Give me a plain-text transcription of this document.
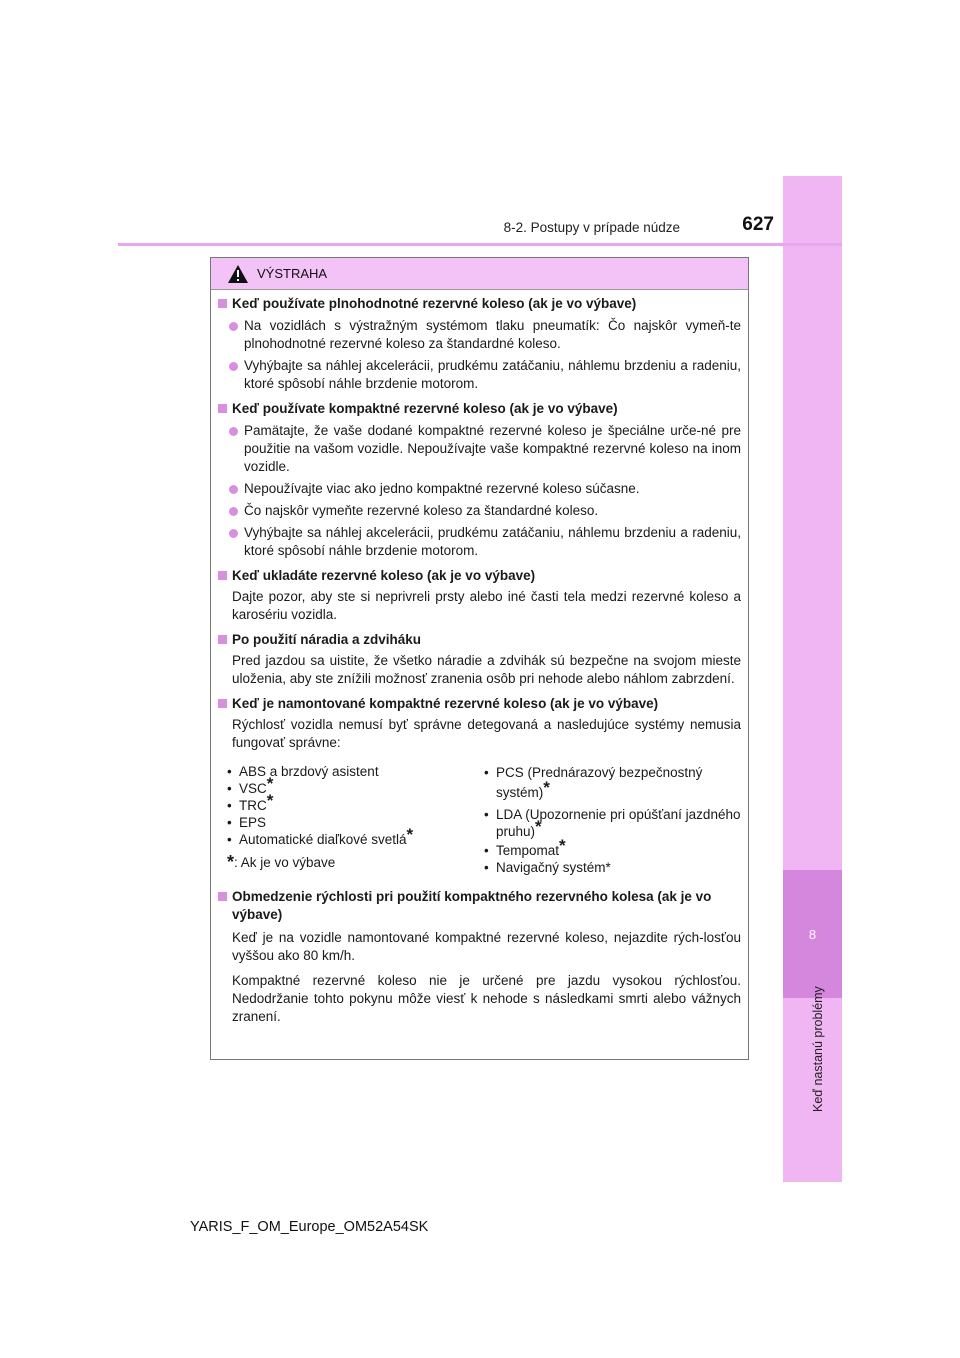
8
Keď nastanú problémy
8-2. Postupy v prípade núdze	627
VÝSTRAHA
Keď používate plnohodnotné rezervné koleso (ak je vo výbave)
Na vozidlách s výstražným systémom tlaku pneumatík: Čo najskôr vymeň-te plnohodnotné rezervné koleso za štandardné koleso.
Vyhýbajte sa náhlej akcelerácii, prudkému zatáčaniu, náhlemu brzdeniu a radeniu, ktoré spôsobí náhle brzdenie motorom.
Keď používate kompaktné rezervné koleso (ak je vo výbave)
Pamätajte, že vaše dodané kompaktné rezervné koleso je špeciálne urče-né pre použitie na vašom vozidle. Nepoužívajte vaše kompaktné rezervné koleso na inom vozidle.
Nepoužívajte viac ako jedno kompaktné rezervné koleso súčasne.
Čo najskôr vymeňte rezervné koleso za štandardné koleso.
Vyhýbajte sa náhlej akcelerácii, prudkému zatáčaniu, náhlemu brzdeniu a radeniu, ktoré spôsobí náhle brzdenie motorom.
Keď ukladáte rezervné koleso (ak je vo výbave)
Dajte pozor, aby ste si neprivreli prsty alebo iné časti tela medzi rezervné koleso a karosériu vozidla.
Po použití náradia a zdviháku
Pred jazdou sa uistite, že všetko náradie a zdvihák sú bezpečne na svojom mieste uloženia, aby ste znížili možnosť zranenia osôb pri nehode alebo náhlom zabrzdení.
Keď je namontované kompaktné rezervné koleso (ak je vo výbave)
Rýchlosť vozidla nemusí byť správne detegovaná a nasledujúce systémy nemusia fungovať správne:
• ABS a brzdový asistent
• VSC*
• TRC*
• EPS
• Automatické diaľkové svetlá*
*: Ak je vo výbave
• PCS (Prednárazový bezpečnostný systém)*
• LDA (Upozornenie pri opúšťaní jazdného pruhu)*
• Tempomat*
• Navigačný systém*
Obmedzenie rýchlosti pri použití kompaktného rezervného kolesa (ak je vo výbave)
Keď je na vozidle namontované kompaktné rezervné koleso, nejazdite rých-losťou vyššou ako 80 km/h.
Kompaktné rezervné koleso nie je určené pre jazdu vysokou rýchlosťou. Nedodržanie tohto pokynu môže viesť k nehode s následkami smrti alebo vážnych zranení.
YARIS_F_OM_Europe_OM52A54SK
